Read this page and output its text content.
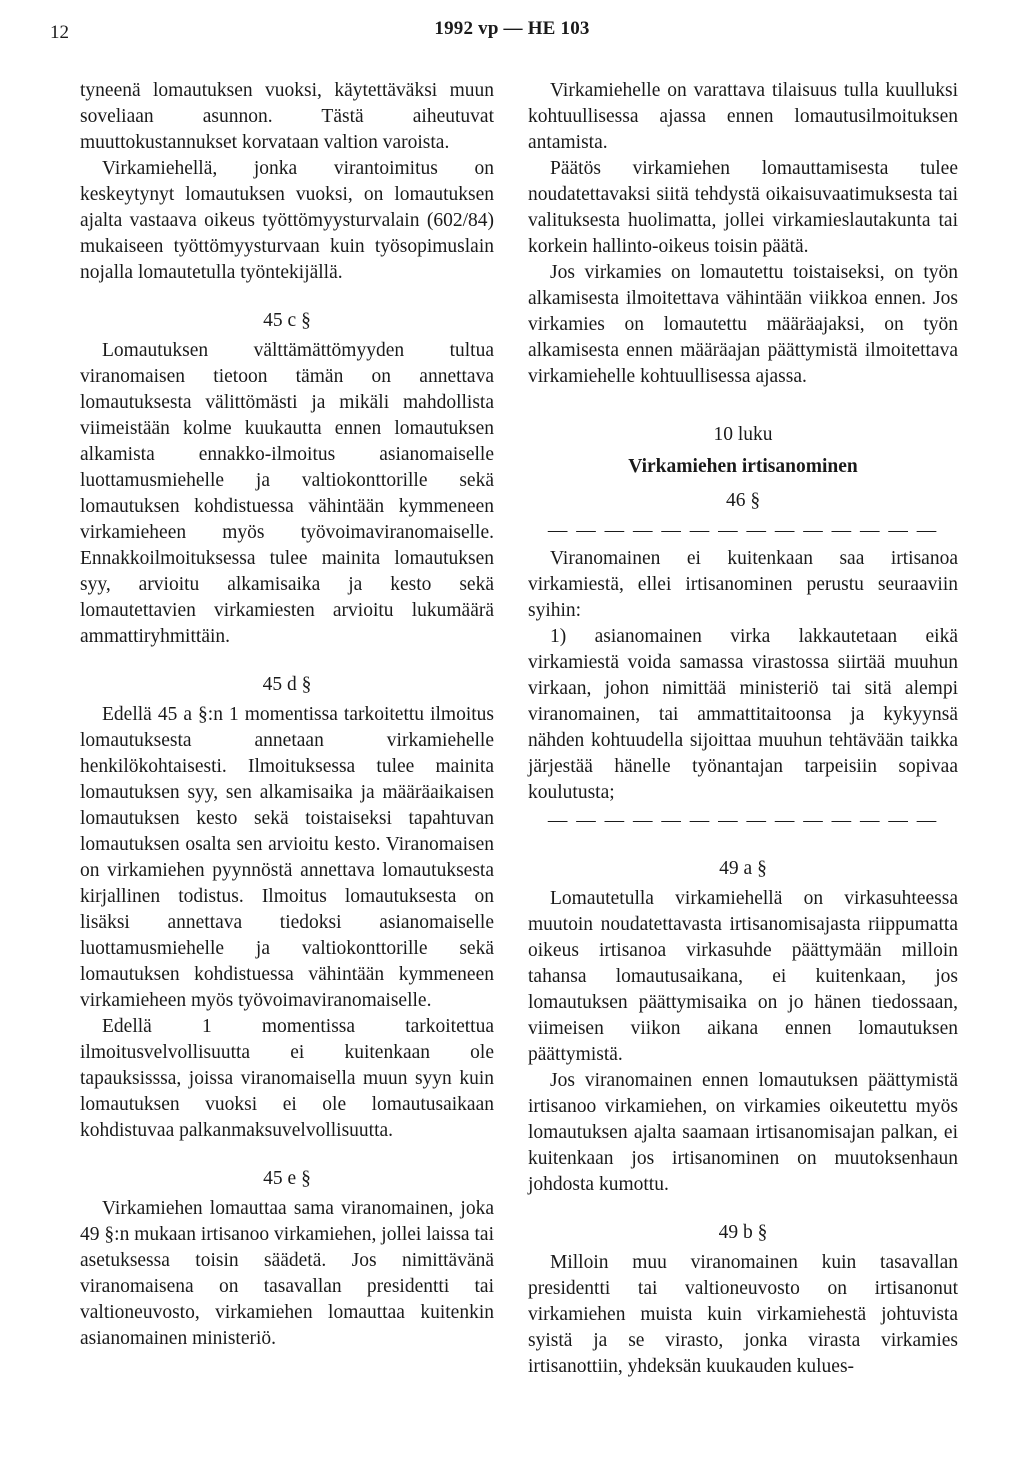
12	1992 vp — HE 103

tyneenä lomautuksen vuoksi, käytettäväksi muun soveliaan asunnon. Tästä aiheutuvat muuttokustannukset korvataan valtion varoista.

Virkamiehellä, jonka virantoimitus on keskeytynyt lomautuksen vuoksi, on lomautuksen ajalta vastaava oikeus työttömyysturvalain (602/84) mukaiseen työttömyysturvaan kuin työsopimuslain nojalla lomautetulla työntekijällä.

45 c §

Lomautuksen välttämättömyyden tultua viranomaisen tietoon tämän on annettava lomautuksesta välittömästi ja mikäli mahdollista viimeistään kolme kuukautta ennen lomautuksen alkamista ennakko-ilmoitus asianomaiselle luottamusmiehelle ja valtiokonttorille sekä lomautuksen kohdistuessa vähintään kymmeneen virkamieheen myös työvoimaviranomaiselle. Ennakkoilmoituksessa tulee mainita lomautuksen syy, arvioitu alkamisaika ja kesto sekä lomautettavien virkamiesten arvioitu lukumäärä ammattiryhmittäin.

45 d §

Edellä 45 a §:n 1 momentissa tarkoitettu ilmoitus lomautuksesta annetaan virkamiehelle henkilökohtaisesti. Ilmoituksessa tulee mainita lomautuksen syy, sen alkamisaika ja määräaikaisen lomautuksen kesto sekä toistaiseksi tapahtuvan lomautuksen osalta sen arvioitu kesto. Viranomaisen on virkamiehen pyynnöstä annettava lomautuksesta kirjallinen todistus. Ilmoitus lomautuksesta on lisäksi annettava tiedoksi asianomaiselle luottamusmiehelle ja valtiokonttorille sekä lomautuksen kohdistuessa vähintään kymmeneen virkamieheen myös työvoimaviranomaiselle.

Edellä 1 momentissa tarkoitettua ilmoitusvelvollisuutta ei kuitenkaan ole tapauksisssa, joissa viranomaisella muun syyn kuin lomautuksen vuoksi ei ole lomautusaikaan kohdistuvaa palkanmaksuvelvollisuutta.

45 e §

Virkamiehen lomauttaa sama viranomainen, joka 49 §:n mukaan irtisanoo virkamiehen, jollei laissa tai asetuksessa toisin säädetä. Jos nimittävänä viranomaisena on tasavallan presidentti tai valtioneuvosto, virkamiehen lomauttaa kuitenkin asianomainen ministeriö.

Virkamiehelle on varattava tilaisuus tulla kuulluksi kohtuullisessa ajassa ennen lomautusilmoituksen antamista.

Päätös virkamiehen lomauttamisesta tulee noudatettavaksi siitä tehdystä oikaisuvaatimuksesta tai valituksesta huolimatta, jollei virkamieslautakunta tai korkein hallinto-oikeus toisin päätä.

Jos virkamies on lomautettu toistaiseksi, on työn alkamisesta ilmoitettava vähintään viikkoa ennen. Jos virkamies on lomautettu määräajaksi, on työn alkamisesta ennen määräajan päättymistä ilmoitettava virkamiehelle kohtuullisessa ajassa.

10 luku
Virkamiehen irtisanominen
46 §
— — — — — — — — — — — — — —

Viranomainen ei kuitenkaan saa irtisanoa virkamiestä, ellei irtisanominen perustu seuraaviin syihin:

1) asianomainen virka lakkautetaan eikä virkamiestä voida samassa virastossa siirtää muuhun virkaan, johon nimittää ministeriö tai sitä alempi viranomainen, tai ammattitaitoonsa ja kykyynsä nähden kohtuudella sijoittaa muuhun tehtävään taikka järjestää hänelle työnantajan tarpeisiin sopivaa koulutusta;

— — — — — — — — — — — — — —
49 a §

Lomautetulla virkamiehellä on virkasuhteessa muutoin noudatettavasta irtisanomisajasta riippumatta oikeus irtisanoa virkasuhde päättymään milloin tahansa lomautusaikana, ei kuitenkaan, jos lomautuksen päättymisaika on jo hänen tiedossaan, viimeisen viikon aikana ennen lomautuksen päättymistä.

Jos viranomainen ennen lomautuksen päättymistä irtisanoo virkamiehen, on virkamies oikeutettu myös lomautuksen ajalta saamaan irtisanomisajan palkan, ei kuitenkaan jos irtisanominen on muutoksenhaun johdosta kumottu.

49 b §

Milloin muu viranomainen kuin tasavallan presidentti tai valtioneuvosto on irtisanonut virkamiehen muista kuin virkamiehestä johtuvista syistä ja se virasto, jonka virasta virkamies irtisanottiin, yhdeksän kuukauden kulues-
